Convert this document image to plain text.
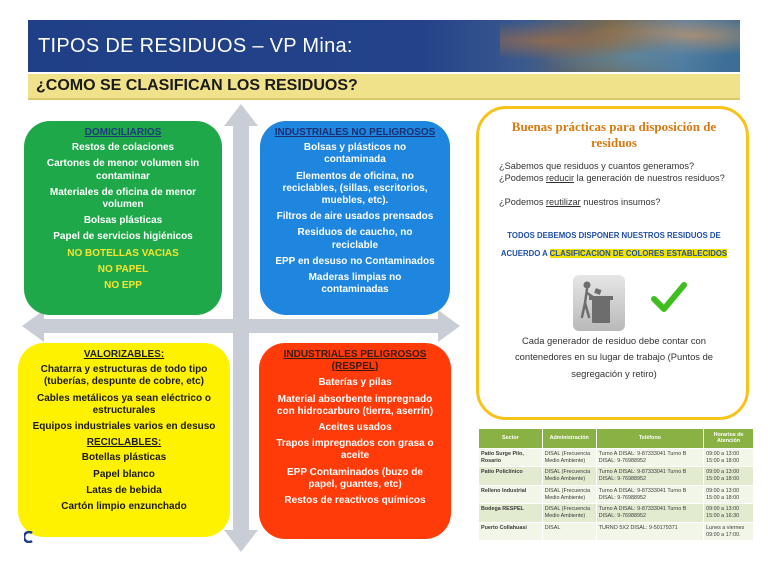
TIPOS DE RESIDUOS – VP Mina:
¿COMO SE CLASIFICAN LOS RESIDUOS?
DOMICILIARIOS
Restos de colaciones
Cartones de menor volumen sin contaminar
Materiales de oficina de menor volumen
Bolsas plásticas
Papel de servicios higiénicos
NO BOTELLAS VACIAS
NO PAPEL
NO EPP
INDUSTRIALES NO PELIGROSOS
Bolsas y plásticos no contaminada
Elementos de oficina, no reciclables, (sillas, escritorios, muebles, etc).
Filtros de aire usados prensados
Residuos de caucho, no reciclable
EPP en desuso no Contaminados
Maderas limpias no contaminadas
VALORIZABLES:
Chatarra y estructuras de todo tipo (tuberías, despunte de cobre, etc)
Cables metálicos ya sean eléctrico o estructurales
Equipos industriales varios en desuso
RECICLABLES:
Botellas plásticas
Papel blanco
Latas de bebida
Cartón limpio enzunchado
INDUSTRIALES PELIGROSOS
(RESPEL)
Baterías y pilas
Material absorbente impregnado con hidrocarburo (tierra, aserrín)
Aceites usados
Trapos impregnados con grasa o aceite
EPP Contaminados (buzo de papel, guantes, etc)
Restos de reactivos químicos
Buenas prácticas para disposición de residuos
¿Sabemos que residuos y cuantos generamos?
¿Podemos reducir la generación de nuestros residuos?
¿Podemos reutilizar nuestros insumos?
TODOS DEBEMOS DISPONER NUESTROS RESIDUOS DE
ACUERDO A CLASIFICACION DE COLORES ESTABLECIDOS
Cada generador de residuo debe contar con contenedores en su lugar de trabajo (Puntos de segregación y retiro)
Sector	Administración	Teléfono	Horarios de Atención
Patio Surge Pilo, Rosario	DISAL (Frecuencia Medio Ambiente)	Turno A DISAL: 9-87333041 Turno B DISAL: 9-76988952	09:00 a 13:00 15:00 a 18:00
Patio Policlínico	DISAL (Frecuencia Medio Ambiente)	Turno A DISAL: 9-87333041 Turno B DISAL: 9-76988952	09:00 a 13:00 15:00 a 18:00
Relleno Industrial	DISAL (Frecuencia Medio Ambiente)	Turno A DISAL: 9-87333041 Turno B DISAL: 9-76988952	09:00 a 13:00 15:00 a 18:00
Bodega RESPEL	DISAL (Frecuencia Medio Ambiente)	Turno A DISAL: 9-87333041 Turno B DISAL: 9-76988952	09:00 a 13:00 15:00 a 16:30
Puerto Collahuasi	DISAL	TURNO 5X2 DISAL: 9-50179371	Lunes a viernes 09:00 a 17:00.
